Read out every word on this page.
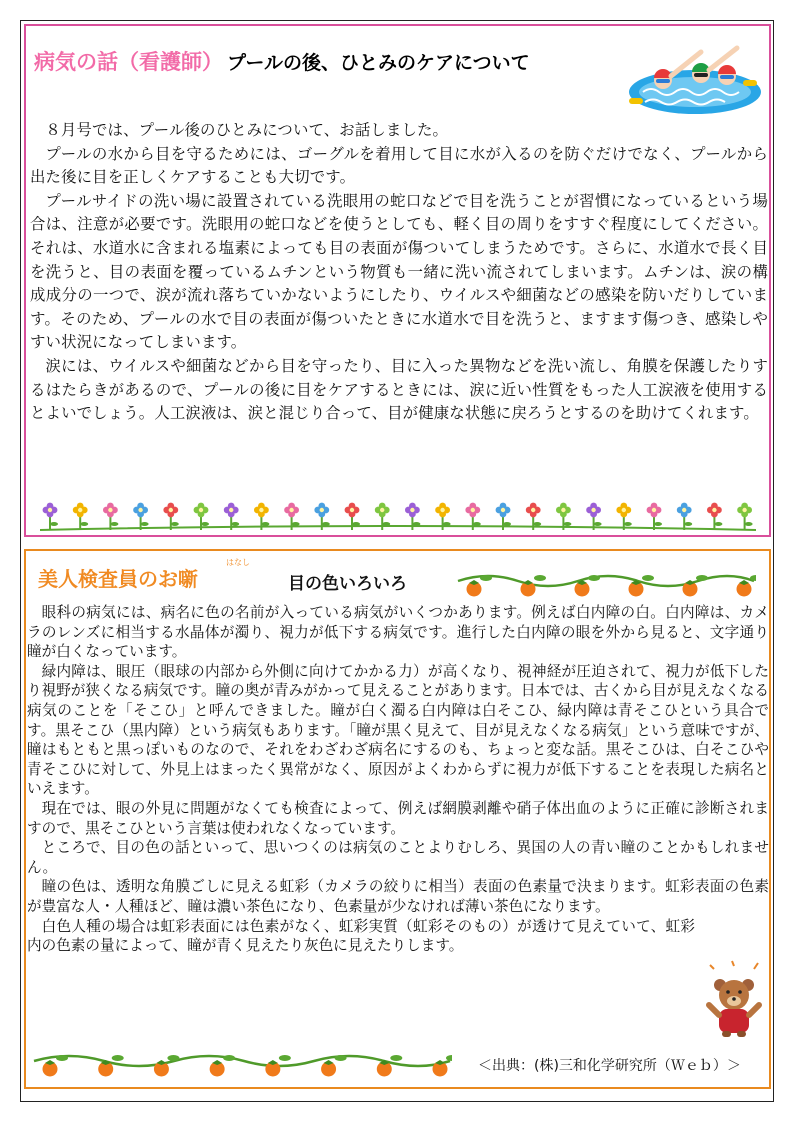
病気の話（看護師） プールの後、ひとみのケアについて

８月号では、プール後のひとみについて、お話しました。

プールの水から目を守るためには、ゴーグルを着用して目に水が入るのを防ぐだけでなく、プールから出た後に目を正しくケアすることも大切です。

プールサイドの洗い場に設置されている洗眼用の蛇口などで目を洗うことが習慣になっているという場合は、注意が必要です。洗眼用の蛇口などを使うとしても、軽く目の周りをすすぐ程度にしてください。それは、水道水に含まれる塩素によっても目の表面が傷ついてしまうためです。さらに、水道水で長く目を洗うと、目の表面を覆っているムチンという物質も一緒に洗い流されてしまいます。ムチンは、涙の構成成分の一つで、涙が流れ落ちていかないようにしたり、ウイルスや細菌などの感染を防いだりしています。そのため、プールの水で目の表面が傷ついたときに水道水で目を洗うと、ますます傷つき、感染しやすい状況になってしまいます。

涙には、ウイルスや細菌などから目を守ったり、目に入った異物などを洗い流し、角膜を保護したりするはたらきがあるので、プールの後に目をケアするときには、涙に近い性質をもった人工涙液を使用するとよいでしょう。人工涙液は、涙と混じり合って、目が健康な状態に戻ろうとするのを助けてくれます。

美人検査員のお噺
はなし
目の色いろいろ

眼科の病気には、病名に色の名前が入っている病気がいくつかあります。例えば白内障の白。白内障は、カメラのレンズに相当する水晶体が濁り、視力が低下する病気です。進行した白内障の眼を外から見ると、文字通り瞳が白くなっています。

緑内障は、眼圧（眼球の内部から外側に向けてかかる力）が高くなり、視神経が圧迫されて、視力が低下したり視野が狭くなる病気です。瞳の奥が青みがかって見えることがあります。日本では、古くから目が見えなくなる病気のことを「そこひ」と呼んできました。瞳が白く濁る白内障は白そこひ、緑内障は青そこひという具合です。黒そこひ（黒内障）という病気もあります。「瞳が黒く見えて、目が見えなくなる病気」という意味ですが、瞳はもともと黒っぽいものなので、それをわざわざ病名にするのも、ちょっと変な話。黒そこひは、白そこひや青そこひに対して、外見上はまったく異常がなく、原因がよくわからずに視力が低下することを表現した病名といえます。

現在では、眼の外見に問題がなくても検査によって、例えば網膜剥離や硝子体出血のように正確に診断されますので、黒そこひという言葉は使われなくなっています。

ところで、目の色の話といって、思いつくのは病気のことよりむしろ、異国の人の青い瞳のことかもしれません。

瞳の色は、透明な角膜ごしに見える虹彩（カメラの絞りに相当）表面の色素量で決まります。虹彩表面の色素が豊富な人・人種ほど、瞳は濃い茶色になり、色素量が少なければ薄い茶色になります。

白色人種の場合は虹彩表面には色素がなく、虹彩実質（虹彩そのもの）が透けて見えていて、虹彩内の色素の量によって、瞳が青く見えたり灰色に見えたりします。

＜出典：(株)三和化学研究所（Ｗｅｂ）＞
